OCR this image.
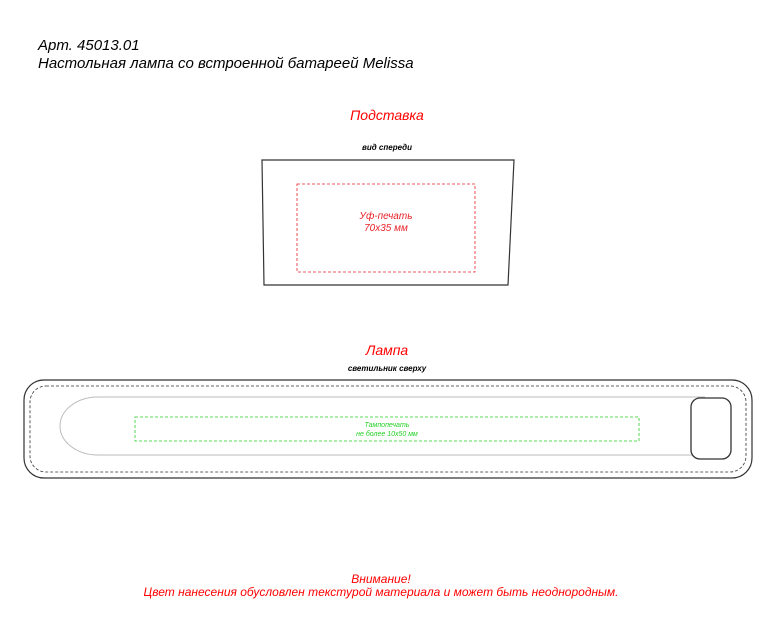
Арт. 45013.01
Настольная лампа со встроенной батареей Melissa
Подставка
вид спереди
Уф-печать
70х35 мм
Лампа
светильник сверху
Тампопечать
не более 10х50 мм
Внимание!
Цвет нанесения обусловлен текстурой материала и может быть неоднородным.
